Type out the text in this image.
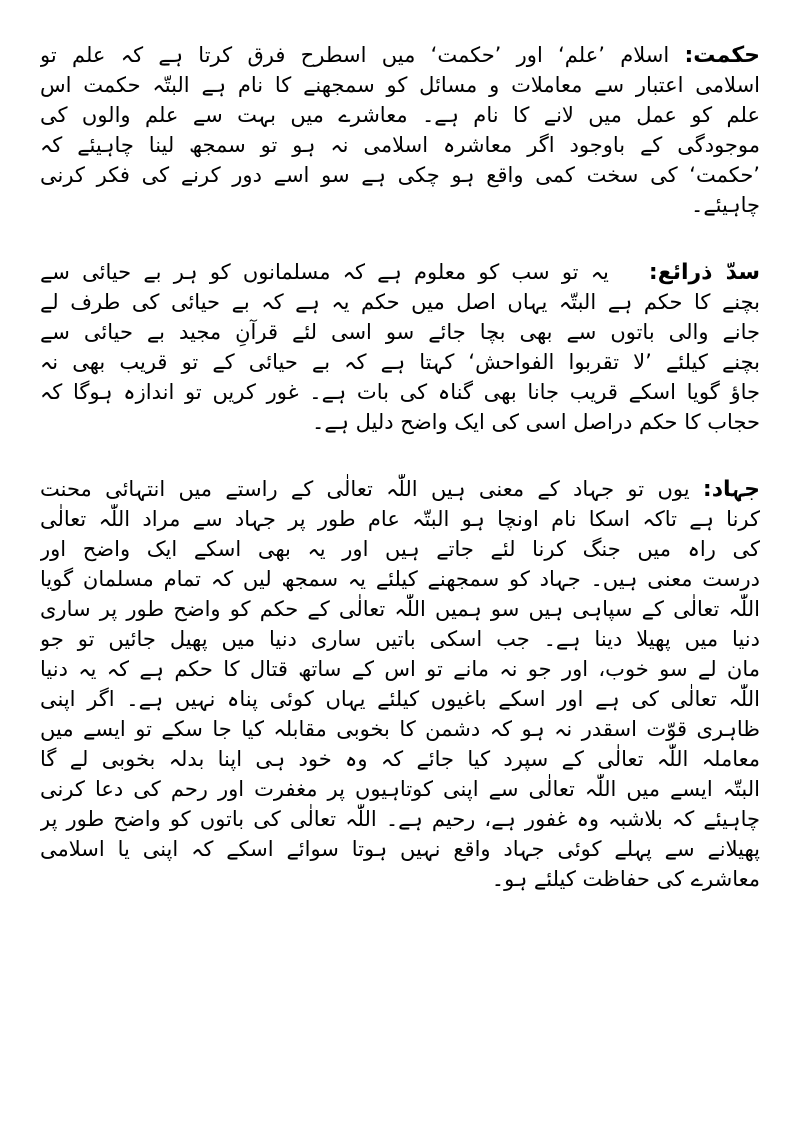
حکمت: اسلام ’علم‘ اور ’حکمت‘ میں اسطرح فرق کرتا ہے کہ علم تو
اسلامی اعتبار سے معاملات و مسائل کو سمجھنے کا نام ہے البتّہ حکمت اس
علم کو عمل میں لانے کا نام ہے۔ معاشرے میں بہت سے علم والوں کی
موجودگی کے باوجود اگر معاشرہ اسلامی نہ ہو تو سمجھ لینا چاہیئے کہ
’حکمت‘ کی سخت کمی واقع ہو چکی ہے سو اسے دور کرنے کی فکر کرنی
چاہیئے۔
سدّ ذرائع:یہ تو سب کو معلوم ہے کہ مسلمانوں کو ہر بے حیائی سے
بچنے کا حکم ہے البتّہ یہاں اصل میں حکم یہ ہے کہ بے حیائی کی طرف لے
جانے والی باتوں سے بھی بچا جائے سو اسی لئے قرآنِ مجید بے حیائی سے
بچنے کیلئے ’لا تقربوا الفواحش‘ کہتا ہے کہ بے حیائی کے تو قریب بھی نہ
جاؤ گویا اسکے قریب جانا بھی گناہ کی بات ہے۔ غور کریں تو اندازہ ہوگا کہ
حجاب کا حکم دراصل اسی کی ایک واضح دلیل ہے۔
جہاد: یوں تو جہاد کے معنی ہیں اللّٰہ تعالٰی کے راستے میں انتہائی محنت
کرنا ہے تاکہ اسکا نام اونچا ہو البتّہ عام طور پر جہاد سے مراد اللّٰہ تعالٰی
کی راہ میں جنگ کرنا لئے جاتے ہیں اور یہ بھی اسکے ایک واضح اور
درست معنی ہیں۔ جہاد کو سمجھنے کیلئے یہ سمجھ لیں کہ تمام مسلمان گویا
اللّٰہ تعالٰی کے سپاہی ہیں سو ہمیں اللّٰہ تعالٰی کے حکم کو واضح طور پر ساری
دنیا میں پھیلا دینا ہے۔ جب اسکی باتیں ساری دنیا میں پھیل جائیں تو جو
مان لے سو خوب، اور جو نہ مانے تو اس کے ساتھ قتال کا حکم ہے کہ یہ دنیا
اللّٰہ تعالٰی کی ہے اور اسکے باغیوں کیلئے یہاں کوئی پناہ نہیں ہے۔ اگر اپنی
ظاہری قوّت اسقدر نہ ہو کہ دشمن کا بخوبی مقابلہ کیا جا سکے تو ایسے میں
معاملہ اللّٰہ تعالٰی کے سپرد کیا جائے کہ وہ خود ہی اپنا بدلہ بخوبی لے گا
البتّہ ایسے میں اللّٰہ تعالٰی سے اپنی کوتاہیوں پر مغفرت اور رحم کی دعا کرنی
چاہیئے کہ بلاشبہ وہ غفور ہے، رحیم ہے۔ اللّٰہ تعالٰی کی باتوں کو واضح طور پر
پھیلانے سے پہلے کوئی جہاد واقع نہیں ہوتا سوائے اسکے کہ اپنی یا اسلامی
معاشرے کی حفاظت کیلئے ہو۔
